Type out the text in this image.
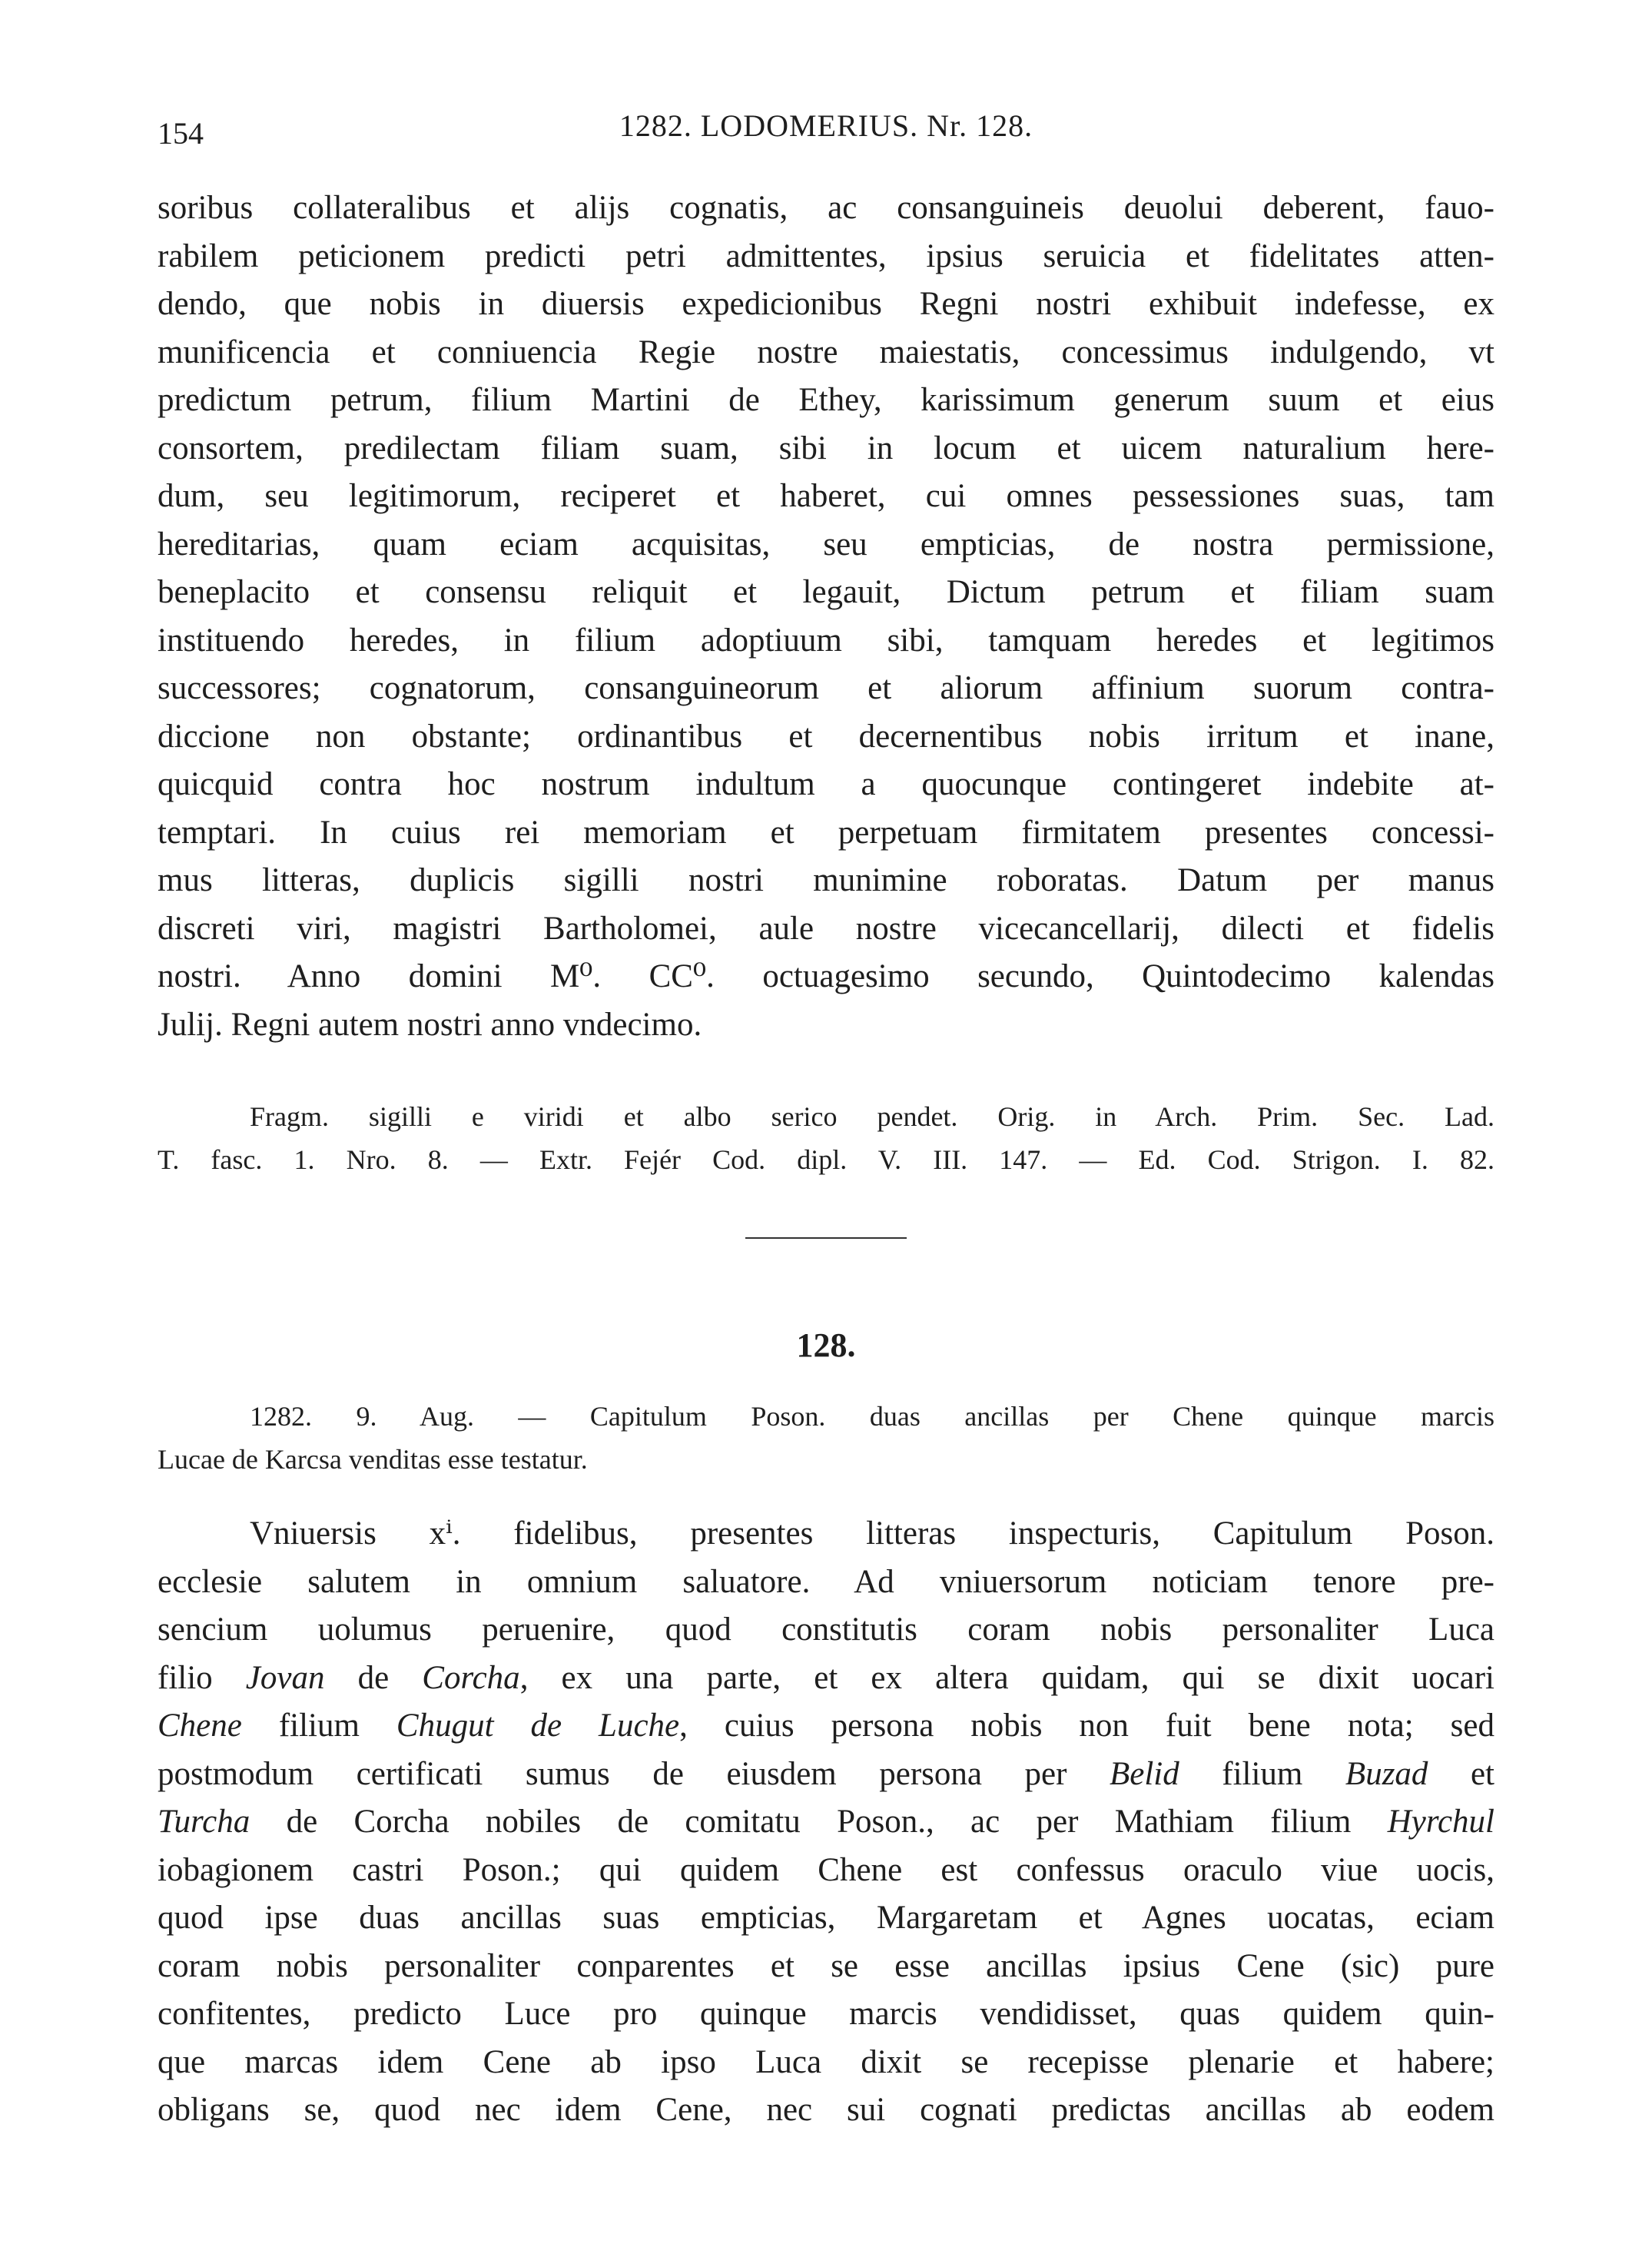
154	1282. LODOMERIUS. Nr. 128.
soribus collateralibus et alijs cognatis, ac consanguineis deuolui deberent, fauo-
rabilem peticionem predicti petri admittentes, ipsius seruicia et fidelitates atten-
dendo, que nobis in diuersis expedicionibus Regni nostri exhibuit indefesse, ex
munificencia et conniuencia Regie nostre maiestatis, concessimus indulgendo, vt
predictum petrum, filium Martini de Ethey, karissimum generum suum et eius
consortem, predilectam filiam suam, sibi in locum et uicem naturalium here-
dum, seu legitimorum, reciperet et haberet, cui omnes pessessiones suas, tam
hereditarias, quam eciam acquisitas, seu empticias, de nostra permissione,
beneplacito et consensu reliquit et legauit, Dictum petrum et filiam suam
instituendo heredes, in filium adoptiuum sibi, tamquam heredes et legitimos
successores; cognatorum, consanguineorum et aliorum affinium suorum contra-
diccione non obstante; ordinantibus et decernentibus nobis irritum et inane,
quicquid contra hoc nostrum indultum a quocunque contingeret indebite at-
temptari. In cuius rei memoriam et perpetuam firmitatem presentes concessi-
mus litteras, duplicis sigilli nostri munimine roboratas. Datum per manus
discreti viri, magistri Bartholomei, aule nostre vicecancellarij, dilecti et fidelis
nostri. Anno domini M⁰. CC⁰. octuagesimo secundo, Quintodecimo kalendas
Julij. Regni autem nostri anno vndecimo.
Fragm. sigilli e viridi et albo serico pendet. Orig. in Arch. Prim. Sec. Lad.
T. fasc. 1. Nro. 8. — Extr. Fejér Cod. dipl. V. III. 147. — Ed. Cod. Strigon. I. 82.
128.
1282. 9. Aug. — Capitulum Poson. duas ancillas per Chene quinque marcis
Lucae de Karcsa venditas esse testatur.
Vniuersis xⁱ. fidelibus, presentes litteras inspecturis, Capitulum Poson.
ecclesie salutem in omnium saluatore. Ad vniuersorum noticiam tenore pre-
sencium uolumus peruenire, quod constitutis coram nobis personaliter Luca
filio Jovan de Corcha, ex una parte, et ex altera quidam, qui se dixit uocari
Chene filium Chugut de Luche, cuius persona nobis non fuit bene nota; sed
postmodum certificati sumus de eiusdem persona per Belid filium Buzad et
Turcha de Corcha nobiles de comitatu Poson., ac per Mathiam filium Hyrchul
iobagionem castri Poson.; qui quidem Chene est confessus oraculo viue uocis,
quod ipse duas ancillas suas empticias, Margaretam et Agnes uocatas, eciam
coram nobis personaliter conparentes et se esse ancillas ipsius Cene (sic) pure
confitentes, predicto Luce pro quinque marcis vendidisset, quas quidem quin-
que marcas idem Cene ab ipso Luca dixit se recepisse plenarie et habere;
obligans se, quod nec idem Cene, nec sui cognati predictas ancillas ab eodem
